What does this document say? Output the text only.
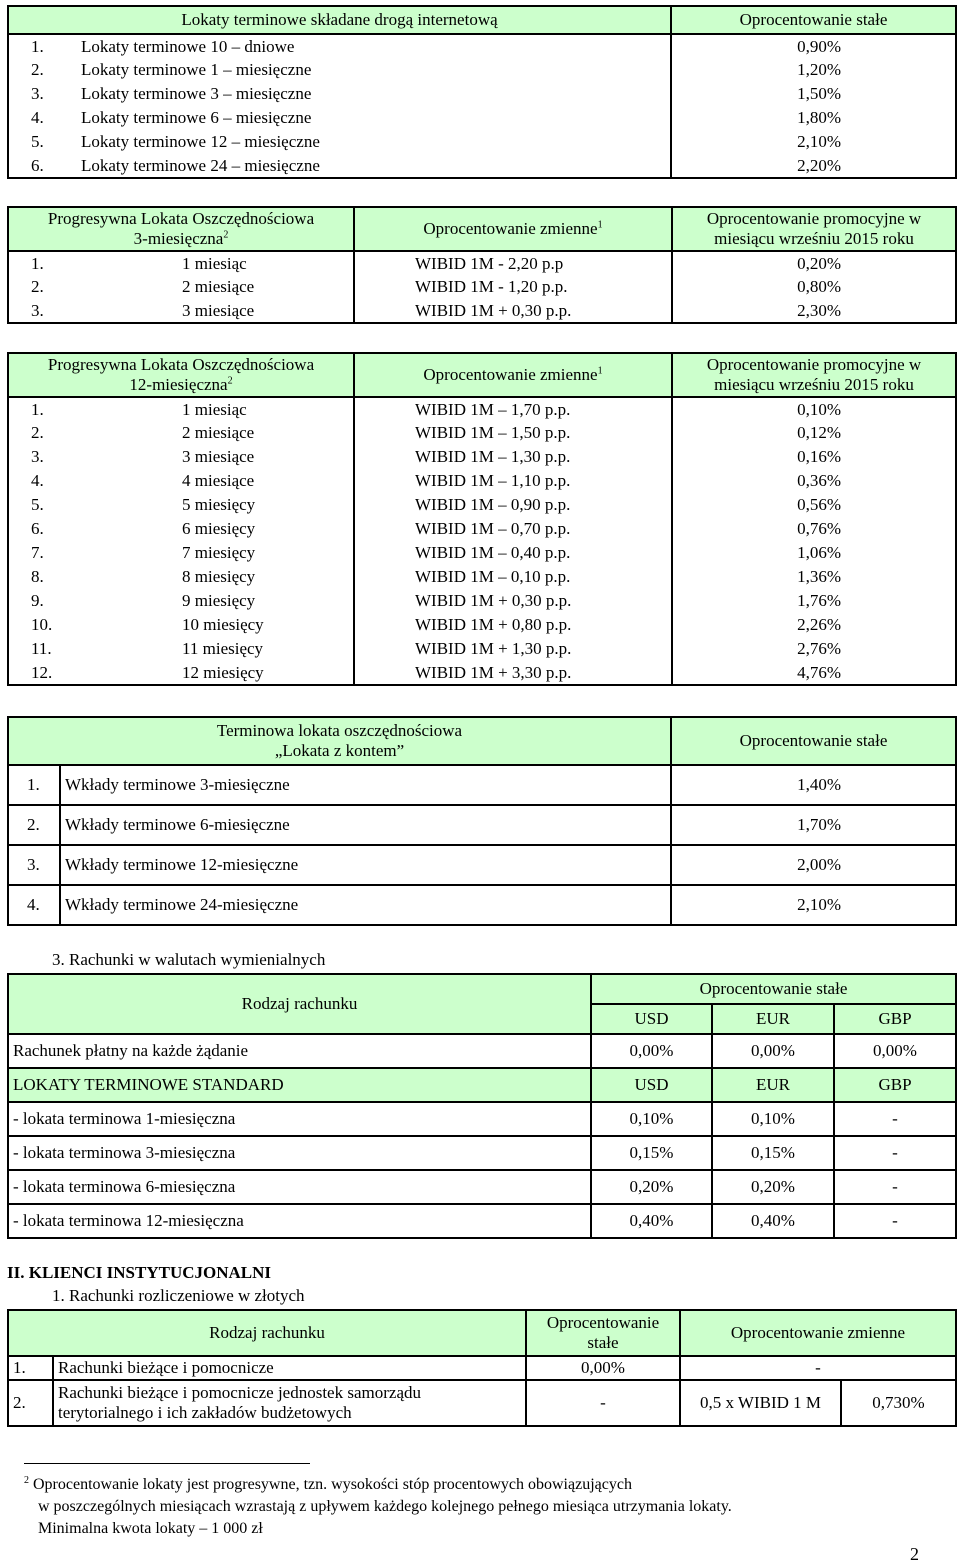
Lokaty terminowe składane drogą internetową	Oprocentowanie stałe
1. Lokaty terminowe 10 – dniowe	0,90%
2. Lokaty terminowe 1 – miesięczne	1,20%
3. Lokaty terminowe 3 – miesięczne	1,50%
4. Lokaty terminowe 6 – miesięczne	1,80%
5. Lokaty terminowe 12 – miesięczne	2,10%
6. Lokaty terminowe 24 – miesięczne	2,20%
Progresywna Lokata Oszczędnościowa
3-miesięczna$^2$		Oprocentowanie zmienne$^1$	Oprocentowanie promocyjne w
miesiącu wrześniu 2015 roku
1.	1 miesiąc	WIBID 1M - 2,20 p.p	0,20%
2.	2 miesiące	WIBID 1M - 1,20 p.p.	0,80%
3.	3 miesiące	WIBID 1M + 0,30 p.p.	2,30%
Progresywna Lokata Oszczędnościowa
12-miesięczna$^2$		Oprocentowanie zmienne$^1$	Oprocentowanie promocyjne w
miesiącu wrześniu 2015 roku
1.	1 miesiąc	WIBID 1M – 1,70 p.p.	0,10%
2.	2 miesiące	WIBID 1M – 1,50 p.p.	0,12%
3.	3 miesiące	WIBID 1M – 1,30 p.p.	0,16%
4.	4 miesiące	WIBID 1M – 1,10 p.p.	0,36%
5.	5 miesięcy	WIBID 1M – 0,90 p.p.	0,56%
6.	6 miesięcy	WIBID 1M – 0,70 p.p.	0,76%
7.	7 miesięcy	WIBID 1M – 0,40 p.p.	1,06%
8.	8 miesięcy	WIBID 1M – 0,10 p.p.	1,36%
9.	9 miesięcy	WIBID 1M + 0,30 p.p.	1,76%
10.	10 miesięcy	WIBID 1M + 0,80 p.p.	2,26%
11.	11 miesięcy	WIBID 1M + 1,30 p.p.	2,76%
12.	12 miesięcy	WIBID 1M + 3,30 p.p.	4,76%
Terminowa lokata oszczędnościowa
„Lokata z kontem”		Oprocentowanie stałe
1.	Wkłady terminowe 3-miesięczne	1,40%
2.	Wkłady terminowe 6-miesięczne	1,70%
3.	Wkłady terminowe 12-miesięczne	2,00%
4.	Wkłady terminowe 24-miesięczne	2,10%
3. Rachunki w walutach wymienialnych
Rodzaj rachunku	Oprocentowanie stałe		
	USD	EUR	GBP
Rachunek płatny na każde żądanie	0,00%	0,00%	0,00%
LOKATY TERMINOWE STANDARD	USD	EUR	GBP
- lokata terminowa 1-miesięczna	0,10%	0,10%	-
- lokata terminowa 3-miesięczna	0,15%	0,15%	-
- lokata terminowa 6-miesięczna	0,20%	0,20%	-
- lokata terminowa 12-miesięczna	0,40%	0,40%	-
II. KLIENCI INSTYTUCJONALNI
1. Rachunki rozliczeniowe w złotych
Rodzaj rachunku		Oprocentowanie
stałe	Oprocentowanie zmienne	
1.	Rachunki bieżące i pomocnicze	0,00%	-	
2.	Rachunki bieżące i pomocnicze jednostek samorządu
terytorialnego i ich zakładów budżetowych	-	0,5 x WIBID 1 M	0,730%
$^2$ Oprocentowanie lokaty jest progresywne, tzn. wysokości stóp procentowych obowiązujących
w poszczególnych miesiącach wzrastają z upływem każdego kolejnego pełnego miesiąca utrzymania lokaty.
Minimalna kwota lokaty – 1 000 zł
2
